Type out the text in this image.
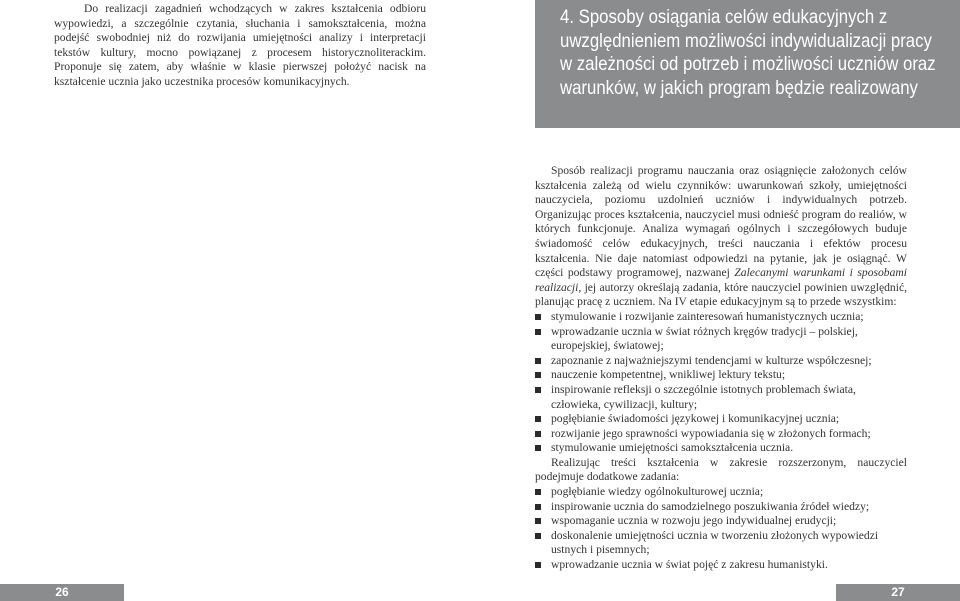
Do realizacji zagadnień wchodzących w zakres kształcenia odbioru wypowiedzi, a szczególnie czytania, słuchania i samokształcenia, można podejść swobodniej niż do rozwijania umiejętności analizy i interpretacji tekstów kultury, mocno powiązanej z procesem historycznoliterackim. Proponuje się zatem, aby właśnie w klasie pierwszej położyć nacisk na kształcenie ucznia jako uczestnika procesów komunikacyjnych.

4. Sposoby osiągania celów edukacyjnych z uwzględnieniem możliwości indywidualizacji pracy w zależności od potrzeb i możliwości uczniów oraz warunków, w jakich program będzie realizowany

Sposób realizacji programu nauczania oraz osiągnięcie założonych celów kształcenia zależą od wielu czynników: uwarunkowań szkoły, umiejętności nauczyciela, poziomu uzdolnień uczniów i indywidualnych potrzeb. Organizując proces kształcenia, nauczyciel musi odnieść program do realiów, w których funkcjonuje. Analiza wymagań ogólnych i szczegółowych buduje świadomość celów edukacyjnych, treści nauczania i efektów procesu kształcenia. Nie daje natomiast odpowiedzi na pytanie, jak je osiągnąć. W części podstawy programowej, nazwanej Zalecanymi warunkami i sposobami realizacji, jej autorzy określają zadania, które nauczyciel powinien uwzględnić, planując pracę z uczniem. Na IV etapie edukacyjnym są to przede wszystkim:

stymulowanie i rozwijanie zainteresowań humanistycznych ucznia;
wprowadzanie ucznia w świat różnych kręgów tradycji – polskiej, europejskiej, światowej;
zapoznanie z najważniejszymi tendencjami w kulturze współczesnej;
nauczenie kompetentnej, wnikliwej lektury tekstu;
inspirowanie refleksji o szczególnie istotnych problemach świata, człowieka, cywilizacji, kultury;
pogłębianie świadomości językowej i komunikacyjnej ucznia;
rozwijanie jego sprawności wypowiadania się w złożonych formach;
stymulowanie umiejętności samokształcenia ucznia.

Realizując treści kształcenia w zakresie rozszerzonym, nauczyciel podejmuje dodatkowe zadania:

pogłębianie wiedzy ogólnokulturowej ucznia;
inspirowanie ucznia do samodzielnego poszukiwania źródeł wiedzy;
wspomaganie ucznia w rozwoju jego indywidualnej erudycji;
doskonalenie umiejętności ucznia w tworzeniu złożonych wypowiedzi ustnych i pisemnych;
wprowadzanie ucznia w świat pojęć z zakresu humanistyki.
26	27
